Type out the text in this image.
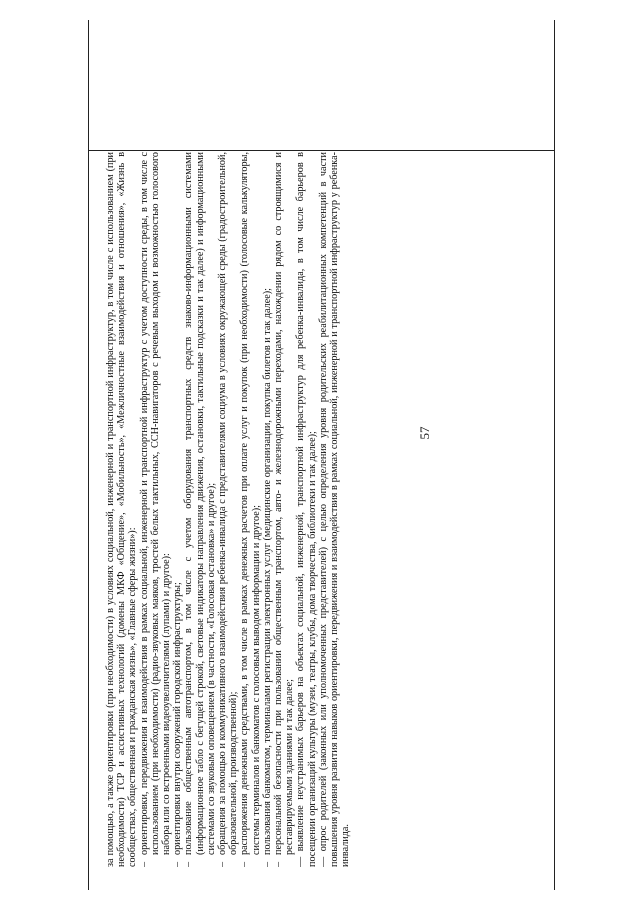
57

за помощью, а также ориентировки (при необходимости) в условиях социальной, инженерной и транспортной инфраструктур, в том числе с использованием (при необходимости) ТСР и ассистивных технологий (домены МКФ «Общение», «Мобильность», «Межличностные взаимодействия и отношения», «Жизнь в сообществах, общественная и гражданская жизнь», «Главные сферы жизни»): –
ориентировки, передвижения и взаимодействия в рамках социальной, инженерной и транспортной инфраструктур с учетом доступности среды, в том числе с использованием (при необходимости) (радио-звуковых маяков, тростей белых тактильных, ССН-навигаторов с речевым выходом и возможностью голосового набора или со встроенными видеоувеличителями (лупами) и другое):
–
ориентировки внутри сооружений городской инфраструктуры;
–
пользование общественным автотранспортом, в том числе с учетом оборудования транспортных средств знаково-информационными системами (информационное табло с бегущей строкой, световые индикаторы направления движения, остановки, тактильные подсказки и так далее) и информационными системами со звуковым оповещением (в частности, «Голосовая остановка» и другое);
–
обращения за помощью и коммуникативного взаимодействия ребенка-инвалида с представителями социума в условиях окружающей среды (градостроительной, образовательной, производственной);
–
распоряжения денежными средствами, в том числе в рамках денежных расчетов при оплате услуг и покупок (при необходимости) (голосовые калькуляторы, системы терминалов и банкоматов с голосовым выводом информации и другое);
–
пользования банкоматом, терминалами регистрации электронных услуг (медицинские организации, покупка билетов и так далее);
–
персональной безопасности при пользовании общественным транспортом, авто- и железнодорожными переходами, нахождении рядом со строящимися и реставрируемыми зданиями и так далее;

— выявление неустранимых барьеров на объектах социальной, инженерной, транспортной инфраструктур для ребенка-инвалида, в том числе барьеров в посещении организаций культуры (музеи, театры, клубы, дома творчества, библиотеки и так далее); — опрос родителей (законных или уполномоченных представителей) с целью определения уровня родительских реабилитационных компетенций в части повышения уровня развития навыков ориентировки, передвижения и взаимодействия в рамках социальной, инженерной и транспортной инфраструктур у ребенка-инвалида.
